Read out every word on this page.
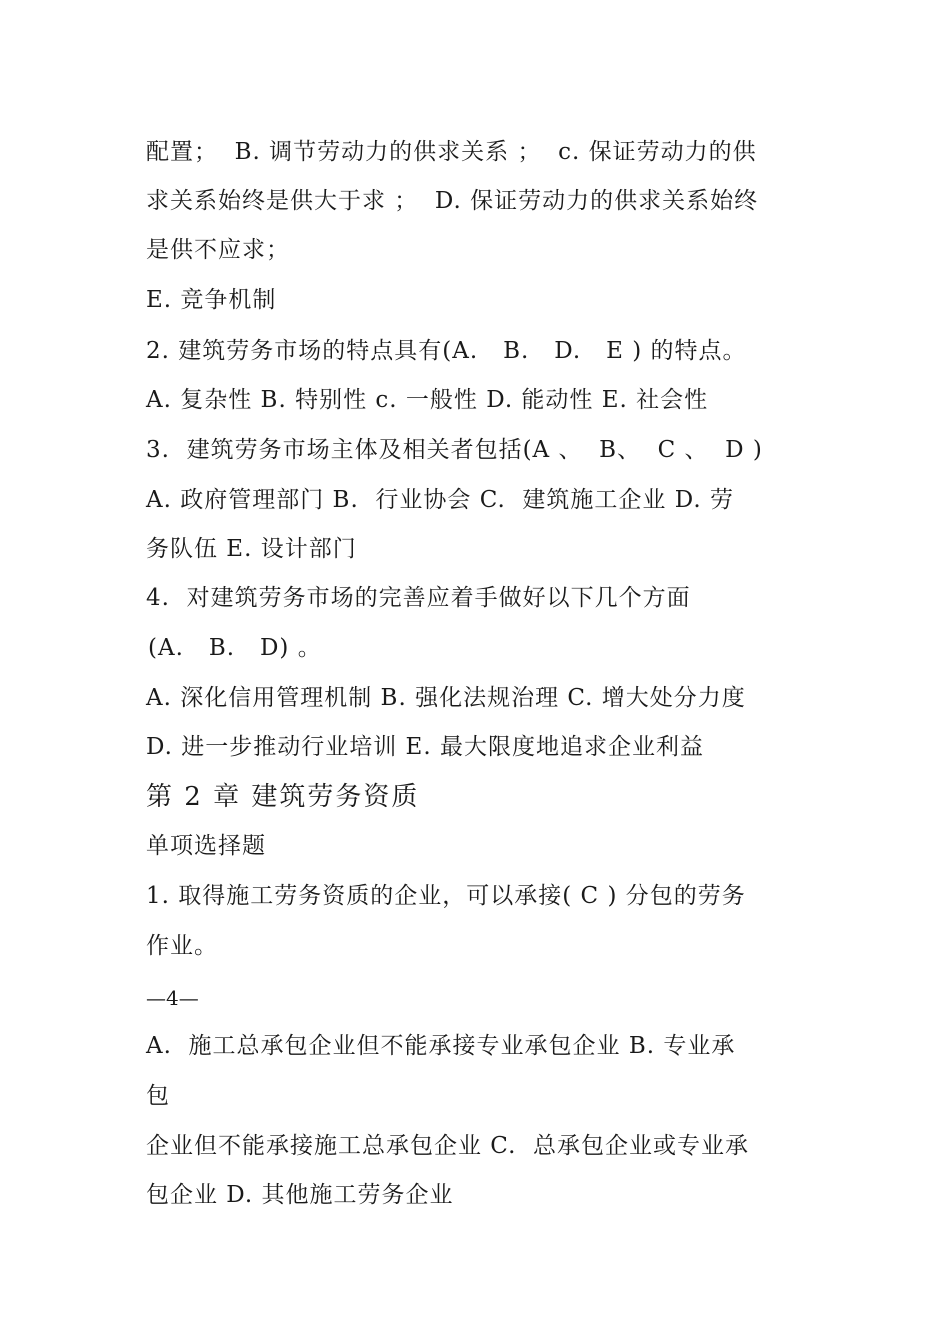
配置；  B. 调节劳动力的供求关系 ；  c. 保证劳动力的供
求关系始终是供大于求 ；  D. 保证劳动力的供求关系始终
是供不应求；
E. 竞争机制
2. 建筑劳务市场的特点具有(A.   B.   D.   E ) 的特点。
A. 复杂性 B. 特别性 c. 一般性 D. 能动性 E. 社会性
3.  建筑劳务市场主体及相关者包括(A 、  B、  C 、  D )
A. 政府管理部门 B.  行业协会 C.  建筑施工企业 D. 劳
务队伍 E. 设计部门
4.  对建筑劳务市场的完善应着手做好以下几个方面
(A.   B.   D) 。
A. 深化信用管理机制 B. 强化法规治理 C. 增大处分力度
D. 进一步推动行业培训 E. 最大限度地追求企业利益
第 2 章 建筑劳务资质
单项选择题
1. 取得施工劳务资质的企业，可以承接( C ) 分包的劳务
作业。
—4—
A.  施工总承包企业但不能承接专业承包企业 B. 专业承
包
企业但不能承接施工总承包企业 C.  总承包企业或专业承
包企业 D. 其他施工劳务企业
